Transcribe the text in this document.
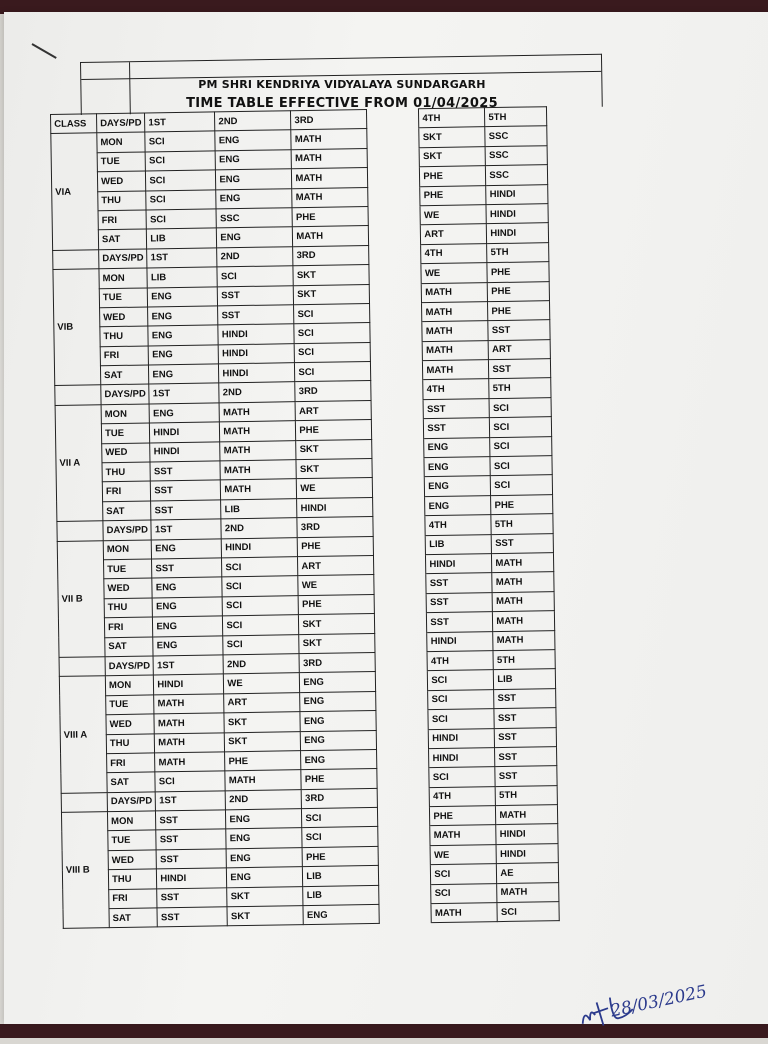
PM SHRI KENDRIYA VIDYALAYA SUNDARGARH
TIME TABLE EFFECTIVE FROM 01/04/2025
CLASS	DAYS/PD	1ST	2ND	3RD		4TH	5TH
VIA	MON	SCI	ENG	MATH		SKT	SSC
	TUE	SCI	ENG	MATH		SKT	SSC
	WED	SCI	ENG	MATH		PHE	SSC
	THU	SCI	ENG	MATH		PHE	HINDI
	FRI	SCI	SSC	PHE		WE	HINDI
	SAT	LIB	ENG	MATH		ART	HINDI
	DAYS/PD	1ST	2ND	3RD		4TH	5TH
VIB	MON	LIB	SCI	SKT		WE	PHE
	TUE	ENG	SST	SKT		MATH	PHE
	WED	ENG	SST	SCI		MATH	PHE
	THU	ENG	HINDI	SCI		MATH	SST
	FRI	ENG	HINDI	SCI		MATH	ART
	SAT	ENG	HINDI	SCI		MATH	SST
	DAYS/PD	1ST	2ND	3RD		4TH	5TH
VII A	MON	ENG	MATH	ART		SST	SCI
	TUE	HINDI	MATH	PHE		SST	SCI
	WED	HINDI	MATH	SKT		ENG	SCI
	THU	SST	MATH	SKT		ENG	SCI
	FRI	SST	MATH	WE		ENG	SCI
	SAT	SST	LIB	HINDI		ENG	PHE
	DAYS/PD	1ST	2ND	3RD		4TH	5TH
VII B	MON	ENG	HINDI	PHE		LIB	SST
	TUE	SST	SCI	ART		HINDI	MATH
	WED	ENG	SCI	WE		SST	MATH
	THU	ENG	SCI	PHE		SST	MATH
	FRI	ENG	SCI	SKT		SST	MATH
	SAT	ENG	SCI	SKT		HINDI	MATH
	DAYS/PD	1ST	2ND	3RD		4TH	5TH
VIII A	MON	HINDI	WE	ENG		SCI	LIB
	TUE	MATH	ART	ENG		SCI	SST
	WED	MATH	SKT	ENG		SCI	SST
	THU	MATH	SKT	ENG		HINDI	SST
	FRI	MATH	PHE	ENG		HINDI	SST
	SAT	SCI	MATH	PHE		SCI	SST
	DAYS/PD	1ST	2ND	3RD		4TH	5TH
VIII B	MON	SST	ENG	SCI		PHE	MATH
	TUE	SST	ENG	SCI		MATH	HINDI
	WED	SST	ENG	PHE		WE	HINDI
	THU	HINDI	ENG	LIB		SCI	AE
	FRI	SST	SKT	LIB		SCI	MATH
	SAT	SST	SKT	ENG		MATH	SCI
28/03/2025
